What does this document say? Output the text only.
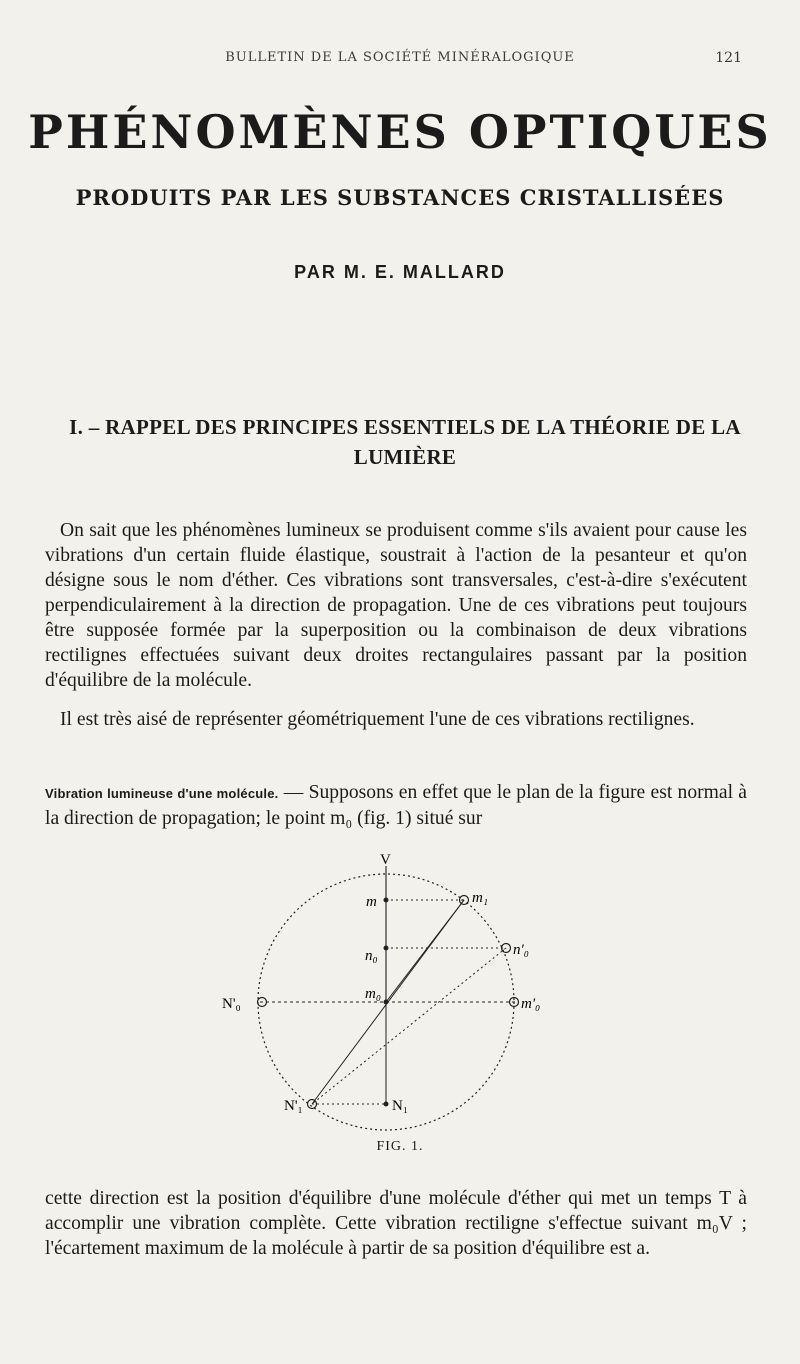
BULLETIN DE LA SOCIÉTÉ MINÉRALOGIQUE	121
PHÉNOMÈNES OPTIQUES
PRODUITS PAR LES SUBSTANCES CRISTALLISÉES
PAR M. E. MALLARD
I. – RAPPEL DES PRINCIPES ESSENTIELS DE LA THÉORIE DE LA LUMIÈRE

On sait que les phénomènes lumineux se produisent comme s'ils avaient pour cause les vibrations d'un certain fluide élastique, soustrait à l'action de la pesanteur et qu'on désigne sous le nom d'éther. Ces vibrations sont transversales, c'est-à-dire s'exécutent perpendiculairement à la direction de propagation. Une de ces vibrations peut toujours être supposée formée par la superposition ou la combinaison de deux vibrations rectilignes effectuées suivant deux droites rectangulaires passant par la position d'équilibre de la molécule.

Il est très aisé de représenter géométriquement l'une de ces vibrations rectilignes.

Vibration lumineuse d'une molécule. — Supposons en effet que le plan de la figure est normal à la direction de propagation; le point m₀ (fig. 1) situé sur

V
m	m₁
n₀	n'₀
m₀
N'₀	m'₀
N'₁	N₁
FIG. 1.

cette direction est la position d'équilibre d'une molécule d'éther qui met un temps T à accomplir une vibration complète. Cette vibration rectiligne s'effectue suivant m₀V ; l'écartement maximum de la molécule à partir de sa position d'équilibre est a.
